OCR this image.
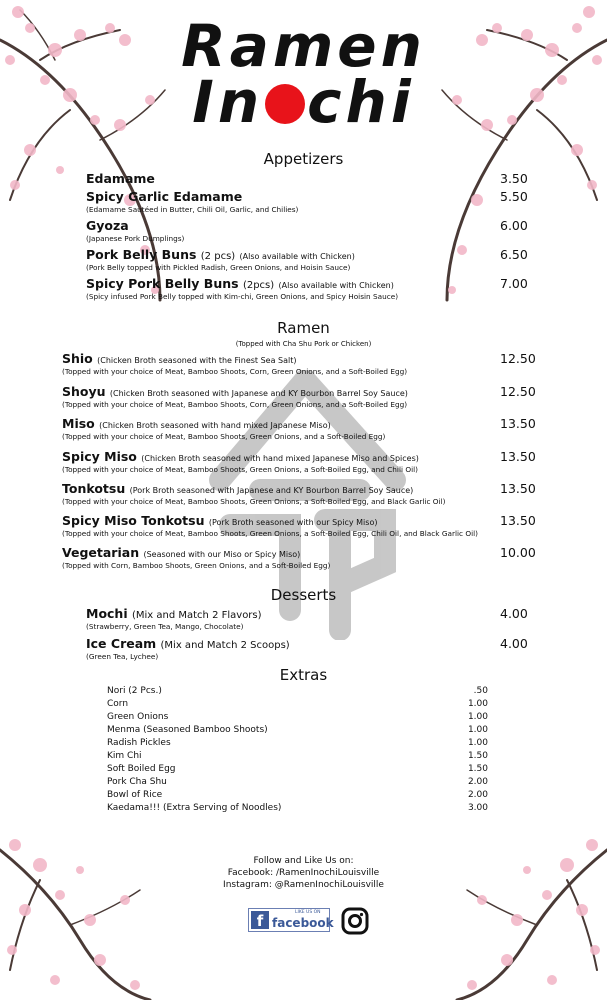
Ramen
In chi
Appetizers
Edamame	3.50
Spicy Garlic Edamame
(Edamame Sautéed in Butter, Chili Oil, Garlic, and Chilies)
5.50
Gyoza
(Japanese Pork Dumplings)
6.00
Pork Belly Buns (2 pcs) (Also available with Chicken)
(Pork Belly topped with Pickled Radish, Green Onions, and Hoisin Sauce)
6.50
Spicy Pork Belly Buns (2pcs) (Also available with Chicken)
(Spicy infused Pork Belly topped with Kim-chi, Green Onions, and Spicy Hoisin Sauce)
7.00
Ramen
(Topped with Cha Shu Pork or Chicken)
Shio (Chicken Broth seasoned with the Finest Sea Salt)
(Topped with your choice of Meat, Bamboo Shoots, Corn, Green Onions, and a Soft-Boiled Egg)
12.50
Shoyu (Chicken Broth seasoned with Japanese and KY Bourbon Barrel Soy Sauce)
(Topped with your choice of Meat, Bamboo Shoots, Corn, Green Onions, and a Soft-Boiled Egg)
12.50
Miso (Chicken Broth seasoned with hand mixed Japanese Miso)
(Topped with your choice of Meat, Bamboo Shoots, Green Onions, and a Soft-Boiled Egg)
13.50
Spicy Miso (Chicken Broth seasoned with hand mixed Japanese Miso and Spices)
(Topped with your choice of Meat, Bamboo Shoots, Green Onions, a Soft-Boiled Egg, and Chili Oil)
13.50
Tonkotsu (Pork Broth seasoned with Japanese and KY Bourbon Barrel Soy Sauce)
(Topped with your choice of Meat, Bamboo Shoots, Green Onions, a Soft-Boiled Egg, and Black Garlic Oil)
13.50
Spicy Miso Tonkotsu (Pork Broth seasoned with our Spicy Miso)
(Topped with your choice of Meat, Bamboo Shoots, Green Onions, a Soft-Boiled Egg, Chili Oil, and Black Garlic Oil)
13.50
Vegetarian (Seasoned with our Miso or Spicy Miso)
(Topped with Corn, Bamboo Shoots, Green Onions, and a Soft-Boiled Egg)
10.00
Desserts
Mochi (Mix and Match 2 Flavors)
(Strawberry, Green Tea, Mango, Chocolate)
4.00
Ice Cream (Mix and Match 2 Scoops)
(Green Tea, Lychee)
4.00
Extras
Nori (2 Pcs.)	.50
Corn	1.00
Green Onions	1.00
Menma (Seasoned Bamboo Shoots)	1.00
Radish Pickles	1.00
Kim Chi	1.50
Soft Boiled Egg	1.50
Pork Cha Shu	2.00
Bowl of Rice	2.00
Kaedama!!! (Extra Serving of Noodles)	3.00
Follow and Like Us on:
Facebook: /RamenInochiLouisville
Instagram: @RamenInochiLouisville
f	LIKE US ON
facebook
